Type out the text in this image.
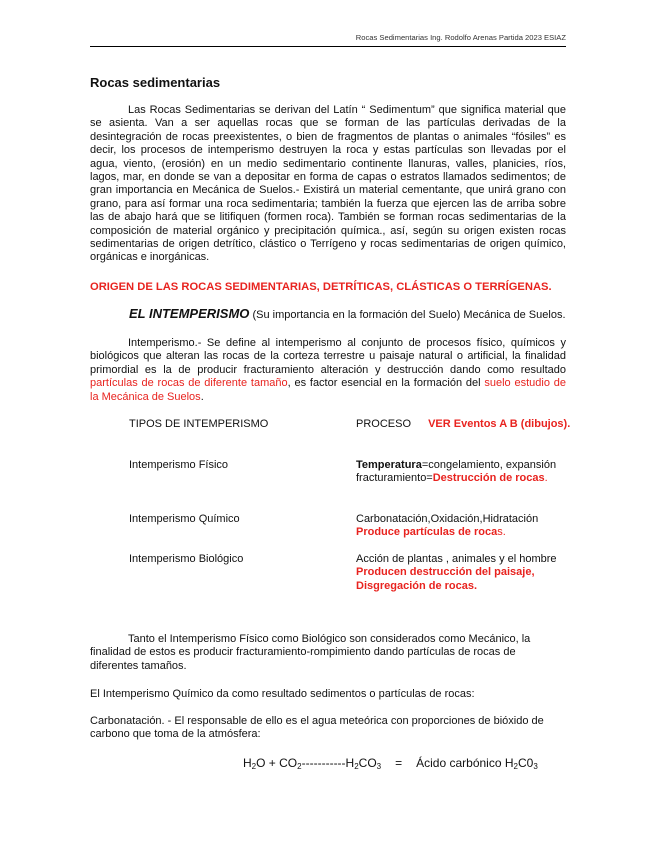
Rocas Sedimentarias Ing. Rodolfo Arenas Partida 2023 ESIAZ
Rocas sedimentarias
Las Rocas Sedimentarias se derivan del Latín “ Sedimentum” que significa material que se asienta. Van a ser aquellas rocas que se forman de las partículas derivadas de la desintegración de rocas preexistentes, o bien de fragmentos de plantas o animales “fósiles” es decir, los procesos de intemperismo destruyen la roca y estas partículas son llevadas por el agua, viento, (erosión) en un medio sedimentario continente llanuras, valles, planicies, ríos, lagos, mar, en donde se van a depositar en forma de capas o estratos llamados sedimentos; de gran importancia en Mecánica de Suelos.- Existirá un material cementante, que unirá grano con grano, para así formar una roca sedimentaria; también la fuerza que ejercen las de arriba sobre las de abajo hará que se litifiquen (formen roca). También se forman rocas sedimentarias de la composición de material orgánico y precipitación química., así, según su origen existen rocas sedimentarias de origen detrítico, clástico o Terrígeno y rocas sedimentarias de origen químico, orgánicas e inorgánicas.
ORIGEN DE LAS ROCAS SEDIMENTARIAS, DETRÍTICAS, CLÁSTICAS O TERRÍGENAS.
EL INTEMPERISMO (Su importancia en la formación del Suelo) Mecánica de Suelos.
Intemperismo.- Se define al intemperismo al conjunto de procesos físico, químicos y biológicos que alteran las rocas de la corteza terrestre u paisaje natural o artificial, la finalidad primordial es la de producir fracturamiento alteración y destrucción dando como resultado partículas de rocas de diferente tamaño, es factor esencial en la formación del suelo estudio de la Mecánica de Suelos.
TIPOS DE INTEMPERISMO	PROCESO VER Eventos A B (dibujos).
Intemperismo Físico	Temperatura=congelamiento, expansión fracturamiento=Destrucción de rocas.
Intemperismo Químico	Carbonatación,Oxidación,Hidratación
Produce partículas de rocas.
Intemperismo Biológico	Acción de plantas , animales y el hombre
Producen destrucción del paisaje, Disgregación de rocas.
Tanto el Intemperismo Físico como Biológico son considerados como Mecánico, la finalidad de estos es producir fracturamiento-rompimiento dando partículas de rocas de diferentes tamaños.
El Intemperismo Químico da como resultado sedimentos o partículas de rocas:
Carbonatación. - El responsable de ello es el agua meteórica con proporciones de bióxido de carbono que toma de la atmósfera:
$H_2O + CO_2-----------H_2CO_3$ = Ácido carbónico $H_2C0_3$
